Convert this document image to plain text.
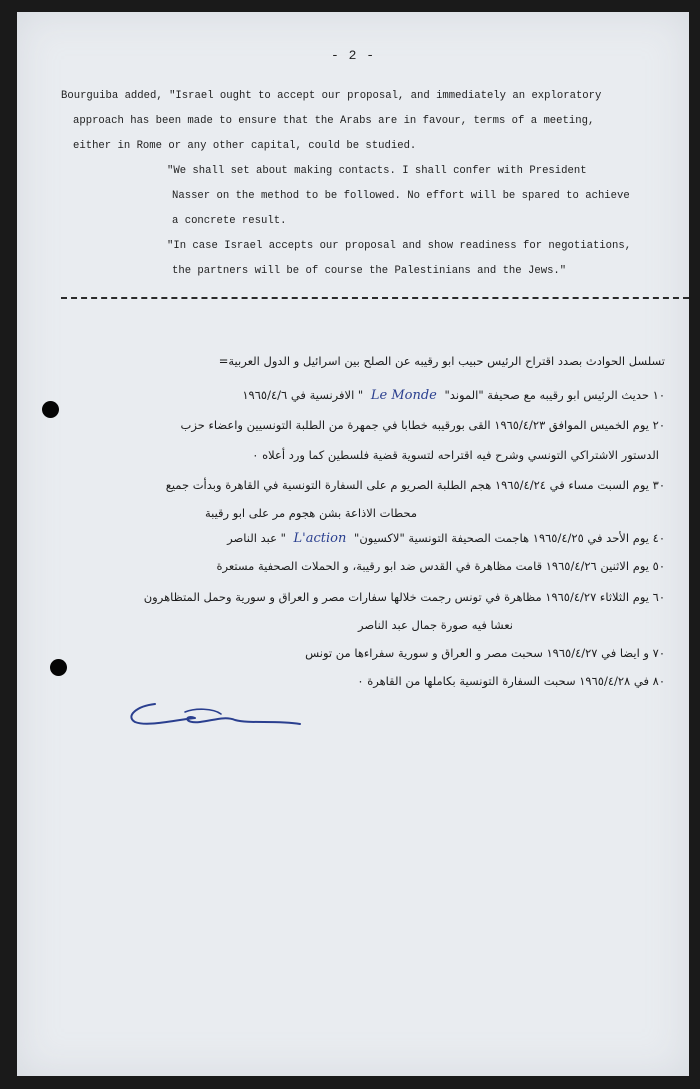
- 2 -
Bourguiba added, "Israel ought to accept our proposal, and immediately an exploratory
approach has been made to ensure that the Arabs are in favour, terms of a meeting,
either in Rome or any other capital, could be studied.
"We shall set about making contacts. I shall confer with President
Nasser on the method to be followed. No effort will be spared to achieve
a concrete result.
"In case Israel accepts our proposal and show readiness for negotiations,
the partners will be of course the Palestinians and the Jews."
تسلسل الحوادث بصدد اقتراح الرئيس حبيب ابو رقيبه عن الصلح بين اسرائيل و الدول العربية=
١٠ حديث الرئيس ابو رقيبه مع صحيفة "الموند" Le Monde " الافرنسية في ١٩٦٥/٤/٦
٢٠ يوم الخميس الموافق ١٩٦٥/٤/٢٣ القى بورقيبه خطابا في جمهرة من الطلبة التونسيين واعضاء حزب
الدستور الاشتراكي التونسي وشرح فيه اقتراحه لتسوية قضية فلسطين كما ورد أعلاه ٠
٣٠ يوم السبت مساء في ١٩٦٥/٤/٢٤ هجم الطلبة الصريو م على السفارة التونسية في القاهرة وبدأت جميع
محطات الاذاعة بشن هجوم مر على ابو رقيبة
٤٠ يوم الأحد في ١٩٦٥/٤/٢٥ هاجمت الصحيفة التونسية "لاكسيون" L'action " عبد الناصر
٥٠ يوم الاثنين ١٩٦٥/٤/٢٦ قامت مظاهرة في القدس ضد ابو رقيبة، و الحملات الصحفية مستعرة
٦٠ يوم الثلاثاء ١٩٦٥/٤/٢٧ مظاهرة في تونس رجمت خلالها سفارات مصر و العراق و سورية وحمل المتظاهرون
نعشا فيه صورة جمال عبد الناصر
٧٠ و ايضا في ١٩٦٥/٤/٢٧ سحبت مصر و العراق و سورية سفراءها من تونس
٨٠ في ١٩٦٥/٤/٢٨ سحبت السفارة التونسية بكاملها من القاهرة ٠
